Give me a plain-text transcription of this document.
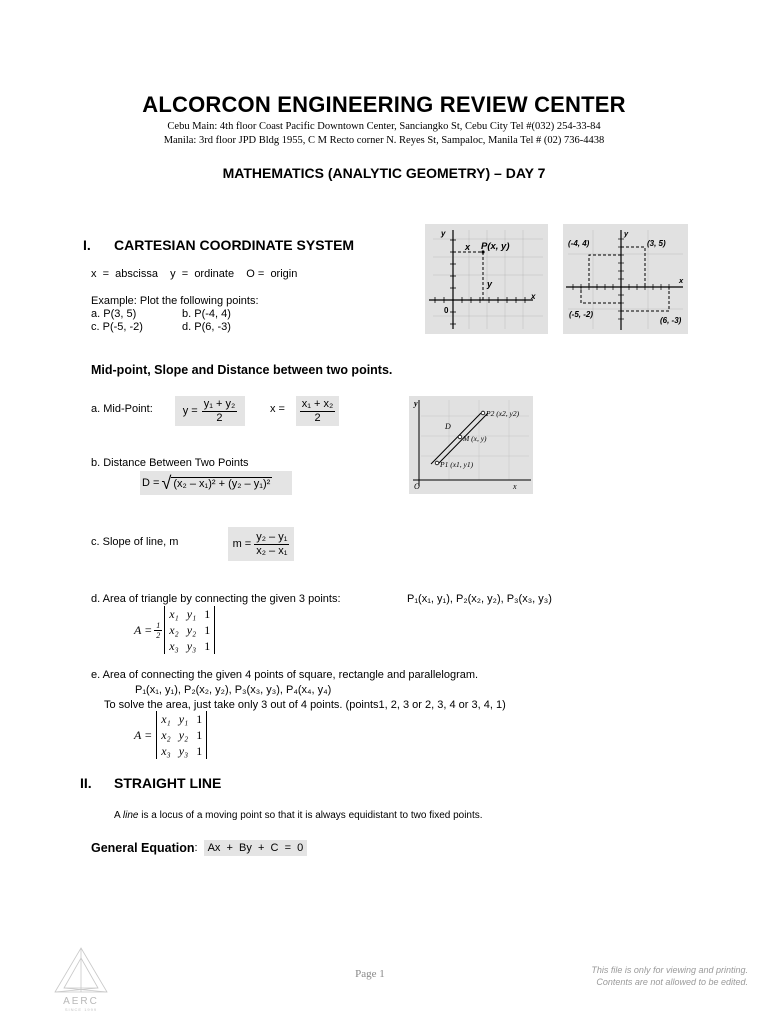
ALCORCON ENGINEERING REVIEW CENTER
Cebu Main: 4th floor Coast Pacific Downtown Center, Sanciangko St, Cebu City Tel #(032) 254-33-84
Manila: 3rd floor JPD Bldg 1955, C M Recto corner N. Reyes St, Sampaloc, Manila Tel # (02) 736-4438
MATHEMATICS (ANALYTIC GEOMETRY) – DAY 7
I. CARTESIAN COORDINATE SYSTEM
x  =  abscissa    y  =  ordinate    O =  origin
Example: Plot the following points:
a. P(3, 5)	b. P(-4, 4)
c. P(-5, -2)	d. P(6, -3)
P(x, y)
x
y
y
x
0
y
x
(-4, 4)	(3, 5)
(-5, -2)
(6, -3)
Mid-point, Slope and Distance between two points.
a. Mid-Point:	$y = \frac{\text{y₁ + y₂}}{2}$	$x = \frac{\text{x₁ + x₂}}{2}$	y
x
O
P2 (x2, y2)
M (x, y)
P1 (x1, y1)
D
b. Distance Between Two Points
D = √ (x₂ – x₁)² + (y₂ – y₁)²
c. Slope of line, m	$m = \frac{\text{y₂ – y₁}}{\text{x₂ – x₁}}$
d. Area of triangle by connecting the given 3 points:	P₁(x₁, y₁), P₂(x₂, y₂), P₃(x₃, y₃)
$A = \frac{1}{2}$
x₁	y₁	1
x₂	y₂	1
x₃	y₃	1
e. Area of connecting the given 4 points of square, rectangle and parallelogram.
P₁(x₁, y₁), P₂(x₂, y₂), P₃(x₃, y₃), P₄(x₄, y₄)
To solve the area, just take only 3 out of 4 points. (points1, 2, 3 or 2, 3, 4 or 3, 4, 1)
A =
x₁	y₁	1
x₂	y₂	1
x₃	y₃	1
II. STRAIGHT LINE
A line is a locus of a moving point so that it is always equidistant to two fixed points.
General Equation : Ax  +  By  +  C  =  0
AERC
SINCE 1999
Page 1	This file is only for viewing and printing.
Contents are not allowed to be edited.
